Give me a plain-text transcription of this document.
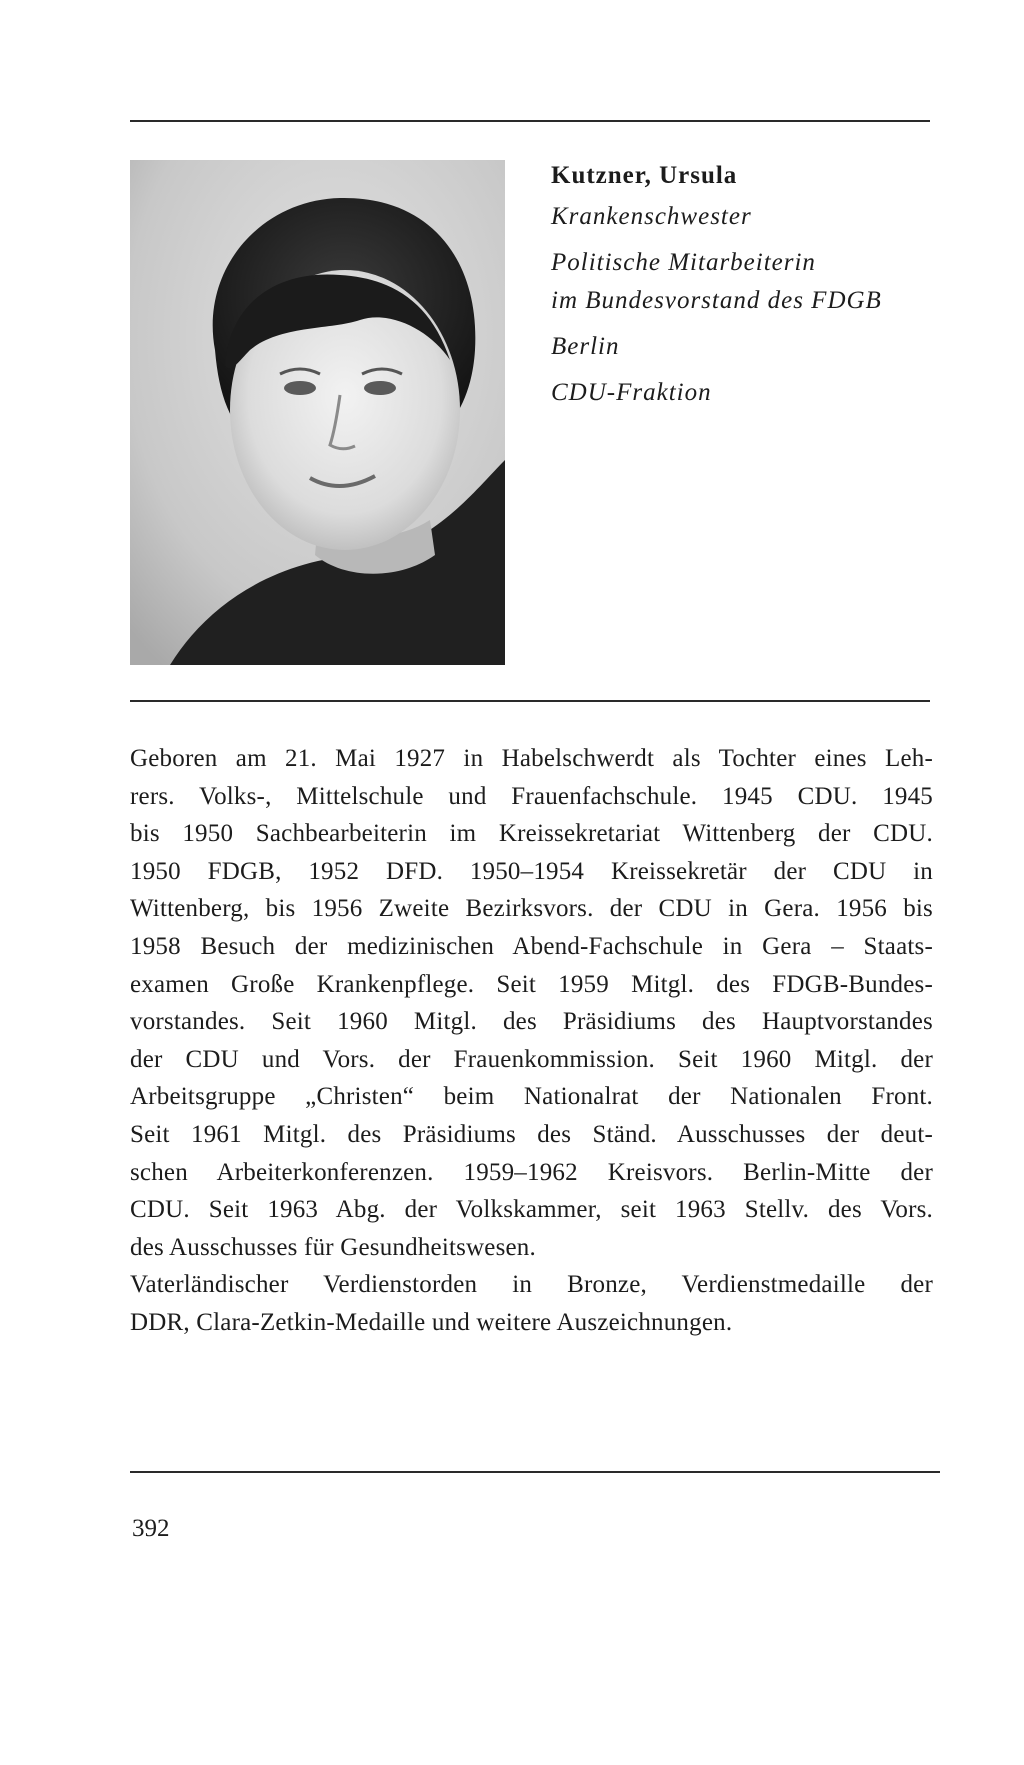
Kutzner, Ursula
Krankenschwester
Politische Mitarbeiterin
im Bundesvorstand des FDGB
Berlin
CDU-Fraktion

Geboren am 21. Mai 1927 in Habelschwerdt als Tochter eines Leh-

rers. Volks-, Mittelschule und Frauenfachschule. 1945 CDU. 1945

bis 1950 Sachbearbeiterin im Kreissekretariat Wittenberg der CDU.

1950 FDGB, 1952 DFD. 1950–1954 Kreissekretär der CDU in

Wittenberg, bis 1956 Zweite Bezirksvors. der CDU in Gera. 1956 bis

1958 Besuch der medizinischen Abend-Fachschule in Gera – Staats-

examen Große Krankenpflege. Seit 1959 Mitgl. des FDGB-Bundes-

vorstandes. Seit 1960 Mitgl. des Präsidiums des Hauptvorstandes

der CDU und Vors. der Frauenkommission. Seit 1960 Mitgl. der

Arbeitsgruppe „Christen“ beim Nationalrat der Nationalen Front.

Seit 1961 Mitgl. des Präsidiums des Ständ. Ausschusses der deut-

schen Arbeiterkonferenzen. 1959–1962 Kreisvors. Berlin-Mitte der

CDU. Seit 1963 Abg. der Volkskammer, seit 1963 Stellv. des Vors.

des Ausschusses für Gesundheitswesen.

Vaterländischer Verdienstorden in Bronze, Verdienstmedaille der

DDR, Clara-Zetkin-Medaille und weitere Auszeichnungen.

392
